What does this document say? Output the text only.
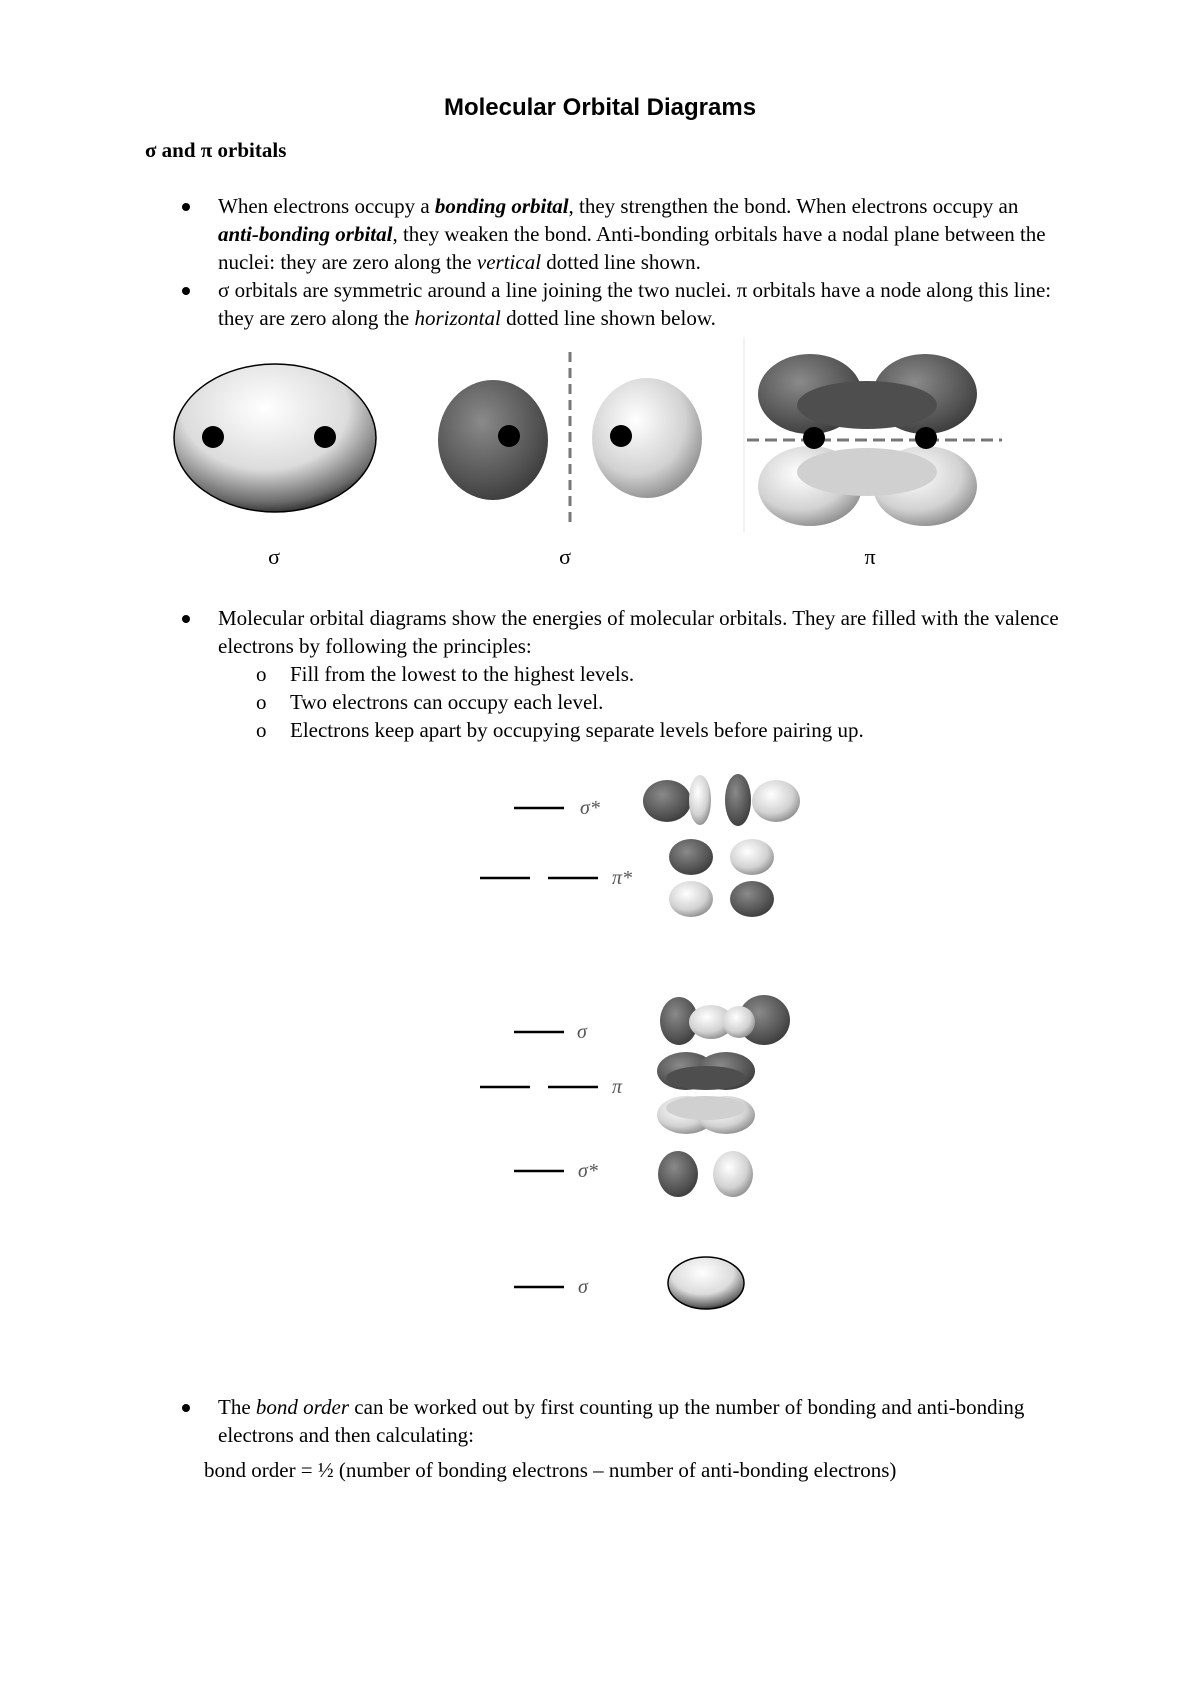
Molecular Orbital Diagrams
σ and π orbitals
When electrons occupy a bonding orbital, they strengthen the bond. When electrons occupy an anti-bonding orbital, they weaken the bond. Anti-bonding orbitals have a nodal plane between the nuclei: they are zero along the vertical dotted line shown.
σ orbitals are symmetric around a line joining the two nuclei. π orbitals have a node along this line: they are zero along the horizontal dotted line shown below.
Molecular orbital diagrams show the energies of molecular orbitals. They are filled with the valence electrons by following the principles:
o Fill from the lowest to the highest levels.
o Two electrons can occupy each level.
o Electrons keep apart by occupying separate levels before pairing up.
The bond order can be worked out by first counting up the number of bonding and anti-bonding electrons and then calculating:
bond order = ½ (number of bonding electrons – number of anti-bonding electrons)
σ	σ	π
σ*
π*
σ
π
σ*
σ
